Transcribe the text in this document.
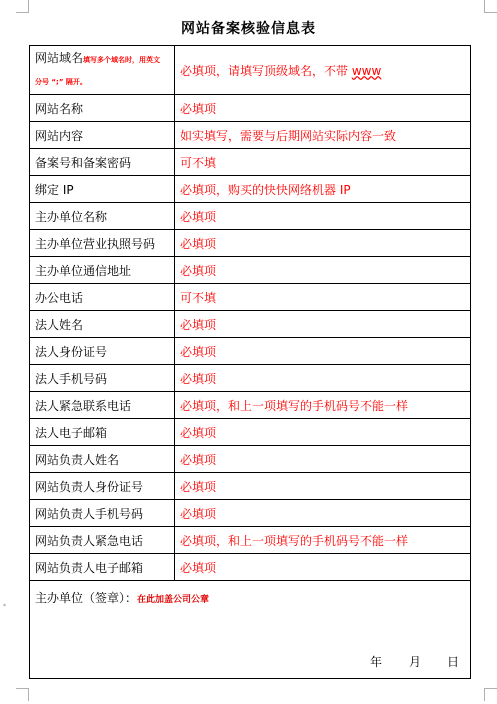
网站备案核验信息表
网站域名填写多个域名时，用英文
分号 “;” 隔开。	必填项，请填写顶级域名，不带 www
网站名称	必填项
网站内容	如实填写，需要与后期网站实际内容一致
备案号和备案密码	可不填
绑定 IP	必填项，购买的快快网络机器 IP
主办单位名称	必填项
主办单位营业执照号码	必填项
主办单位通信地址	必填项
办公电话	可不填
法人姓名	必填项
法人身份证号	必填项
法人手机号码	必填项
法人紧急联系电话	必填项，和上一项填写的手机码号不能一样
法人电子邮箱	必填项
网站负责人姓名	必填项
网站负责人身份证号	必填项
网站负责人手机号码	必填项
网站负责人紧急电话	必填项，和上一项填写的手机码号不能一样
网站负责人电子邮箱	必填项

主办单位（签章）：在此加盖公司公章
年 月 日	
*
